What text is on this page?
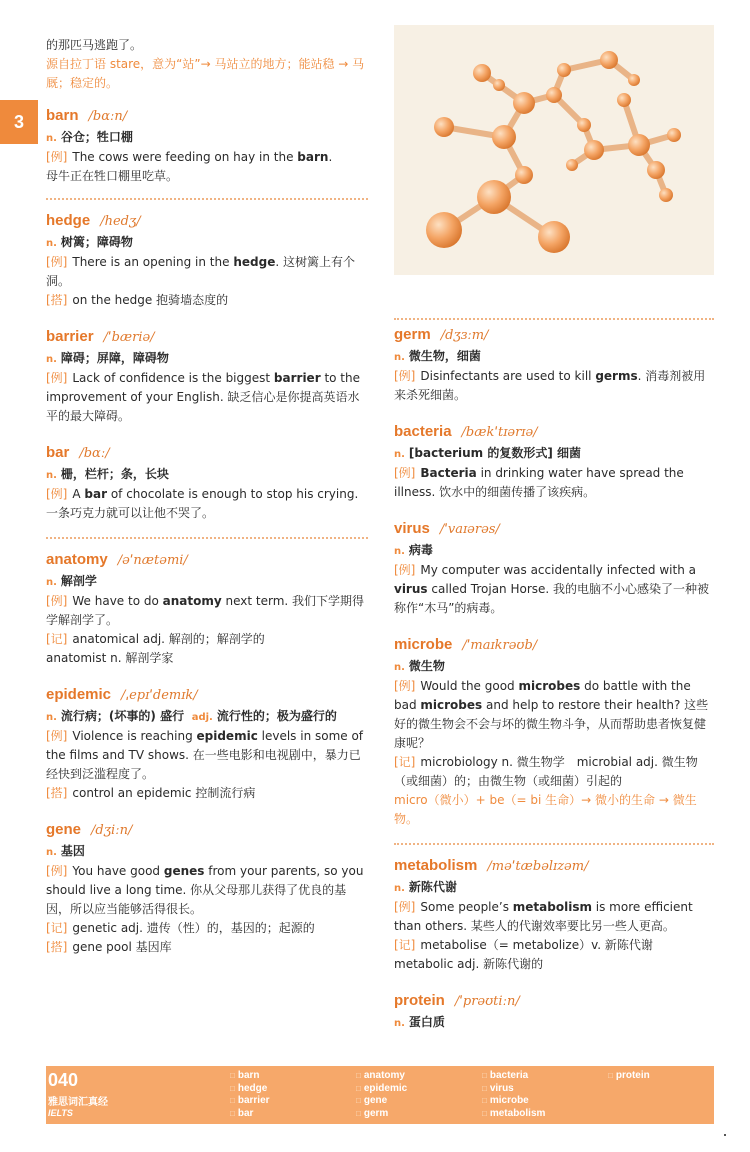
3

的那匹马逃跑了。

源自拉丁语 stare，意为“站”→ 马站立的地方；能站稳 → 马厩；稳定的。

barn /bɑːn/

n. 谷仓；牲口棚

[例] The cows were feeding on hay in the barn.

母牛正在牲口棚里吃草。

hedge /hedʒ/

n. 树篱；障碍物

[例] There is an opening in the hedge. 这树篱上有个洞。

[搭] on the hedge 抱骑墙态度的

barrier /ˈbæriə/

n. 障碍；屏障，障碍物

[例] Lack of confidence is the biggest barrier to the improvement of your English. 缺乏信心是你提高英语水平的最大障碍。

bar /bɑː/

n. 栅，栏杆；条，长块

[例] A bar of chocolate is enough to stop his crying. 一条巧克力就可以让他不哭了。

anatomy /əˈnætəmi/

n. 解剖学

[例] We have to do anatomy next term. 我们下学期得学解剖学了。

[记] anatomical adj. 解剖的；解剖学的

anatomist n. 解剖学家

epidemic /ˌepɪˈdemɪk/

n. 流行病；(坏事的) 盛行 adj. 流行性的；极为盛行的

[例] Violence is reaching epidemic levels in some of the films and TV shows. 在一些电影和电视剧中，暴力已经快到泛滥程度了。

[搭] control an epidemic 控制流行病

gene /dʒiːn/

n. 基因

[例] You have good genes from your parents, so you should live a long time. 你从父母那儿获得了优良的基因，所以应当能够活得很长。

[记] genetic adj. 遗传（性）的，基因的；起源的

[搭] gene pool 基因库

germ /dʒɜːm/

n. 微生物，细菌

[例] Disinfectants are used to kill germs. 消毒剂被用来杀死细菌。

bacteria /bækˈtɪərɪə/

n. [bacterium 的复数形式] 细菌

[例] Bacteria in drinking water have spread the illness. 饮水中的细菌传播了该疾病。

virus /ˈvaɪərəs/

n. 病毒

[例] My computer was accidentally infected with a virus called Trojan Horse. 我的电脑不小心感染了一种被称作“木马”的病毒。

microbe /ˈmaɪkrəʊb/

n. 微生物

[例] Would the good microbes do battle with the bad microbes and help to restore their health? 这些好的微生物会不会与坏的微生物斗争，从而帮助患者恢复健康呢？

[记] microbiology n. 微生物学　microbial adj. 微生物（或细菌）的；由微生物（或细菌）引起的

micro（微小）+ be（= bi 生命）→ 微小的生命 → 微生物。

metabolism /məˈtæbəlɪzəm/

n. 新陈代谢

[例] Some people’s metabolism is more efficient than others. 某些人的代谢效率要比另一些人更高。

[记] metabolise（= metabolize）v. 新陈代谢

metabolic adj. 新陈代谢的

protein /ˈprəʊtiːn/

n. 蛋白质

040
雅思词汇真经
IELTS
□ barn
□ hedge
□ barrier
□ bar
□ anatomy
□ epidemic
□ gene
□ germ
□ bacteria
□ virus
□ microbe
□ metabolism
□ protein
